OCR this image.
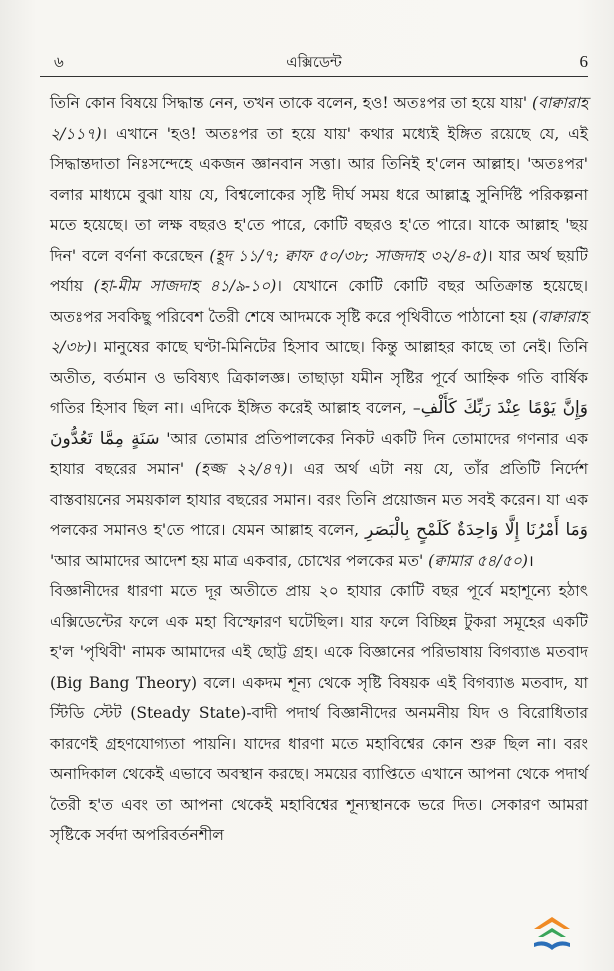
৬	এক্সিডেন্ট	6

তিনি কোন বিষয়ে সিদ্ধান্ত নেন, তখন তাকে বলেন, হও! অতঃপর তা হয়ে যায়' (বাক্বারাহ ২/১১৭)। এখানে 'হও! অতঃপর তা হয়ে যায়' কথার মধ্যেই ইঙ্গিত রয়েছে যে, এই সিদ্ধান্তদাতা নিঃসন্দেহে একজন জ্ঞানবান সত্তা। আর তিনিই হ'লেন আল্লাহ। 'অতঃপর' বলার মাধ্যমে বুঝা যায় যে, বিশ্বলোকের সৃষ্টি দীর্ঘ সময় ধরে আল্লাহ্র সুনির্দিষ্ট পরিকল্পনা মতে হয়েছে। তা লক্ষ বছরও হ'তে পারে, কোটি বছরও হ'তে পারে। যাকে আল্লাহ 'ছয় দিন' বলে বর্ণনা করেছেন (হূদ ১১/৭; ক্বাফ ৫০/৩৮; সাজদাহ ৩২/৪-৫)। যার অর্থ ছয়টি পর্যায় (হা-মীম সাজদাহ ৪১/৯-১০)। যেখানে কোটি কোটি বছর অতিক্রান্ত হয়েছে। অতঃপর সবকিছু পরিবেশ তৈরী শেষে আদমকে সৃষ্টি করে পৃথিবীতে পাঠানো হয় (বাক্বারাহ ২/৩৮)। মানুষের কাছে ঘণ্টা-মিনিটের হিসাব আছে। কিন্তু আল্লাহর কাছে তা নেই। তিনি অতীত, বর্তমান ও ভবিষ্যৎ ত্রিকালজ্ঞ। তাছাড়া যমীন সৃষ্টির পূর্বে আহ্নিক গতি বার্ষিক গতির হিসাব ছিল না। এদিকে ইঙ্গিত করেই আল্লাহ বলেন, –وَإِنَّ يَوْمًا عِنْدَ رَبِّكَ كَأَلْفِ سَنَةٍ مِمَّا تَعُدُّونَ 'আর তোমার প্রতিপালকের নিকট একটি দিন তোমাদের গণনার এক হাযার বছরের সমান' (হজ্জ ২২/৪৭)। এর অর্থ এটা নয় যে, তাঁর প্রতিটি নির্দেশ বাস্তবায়নের সময়কাল হাযার বছরের সমান। বরং তিনি প্রয়োজন মত সবই করেন। যা এক পলকের সমানও হ'তে পারে। যেমন আল্লাহ বলেন, وَمَا أَمْرُنَا إِلَّا وَاحِدَةٌ كَلَمْحٍ بِالْبَصَرِ 'আর আমাদের আদেশ হয় মাত্র একবার, চোখের পলকের মত' (ক্বামার ৫৪/৫০)।

বিজ্ঞানীদের ধারণা মতে দূর অতীতে প্রায় ২০ হাযার কোটি বছর পূর্বে মহাশূন্যে হঠাৎ এক্সিডেন্টের ফলে এক মহা বিস্ফোরণ ঘটেছিল। যার ফলে বিচ্ছিন্ন টুকরা সমূহের একটি হ'ল 'পৃথিবী' নামক আমাদের এই ছোট্ট গ্রহ। একে বিজ্ঞানের পরিভাষায় বিগব্যাঙ মতবাদ (Big Bang Theory) বলে। একদম শূন্য থেকে সৃষ্টি বিষয়ক এই বিগব্যাঙ মতবাদ, যা স্টিডি স্টেট (Steady State)-বাদী পদার্থ বিজ্ঞানীদের অনমনীয় যিদ ও বিরোধিতার কারণেই গ্রহণযোগ্যতা পায়নি। যাদের ধারণা মতে মহাবিশ্বের কোন শুরু ছিল না। বরং অনাদিকাল থেকেই এভাবে অবস্থান করছে। সময়ের ব্যাপ্তিতে এখানে আপনা থেকে পদার্থ তৈরী হ'ত এবং তা আপনা থেকেই মহাবিশ্বের শূন্যস্থানকে ভরে দিত। সেকারণ আমরা সৃষ্টিকে সর্বদা অপরিবর্তনশীল
